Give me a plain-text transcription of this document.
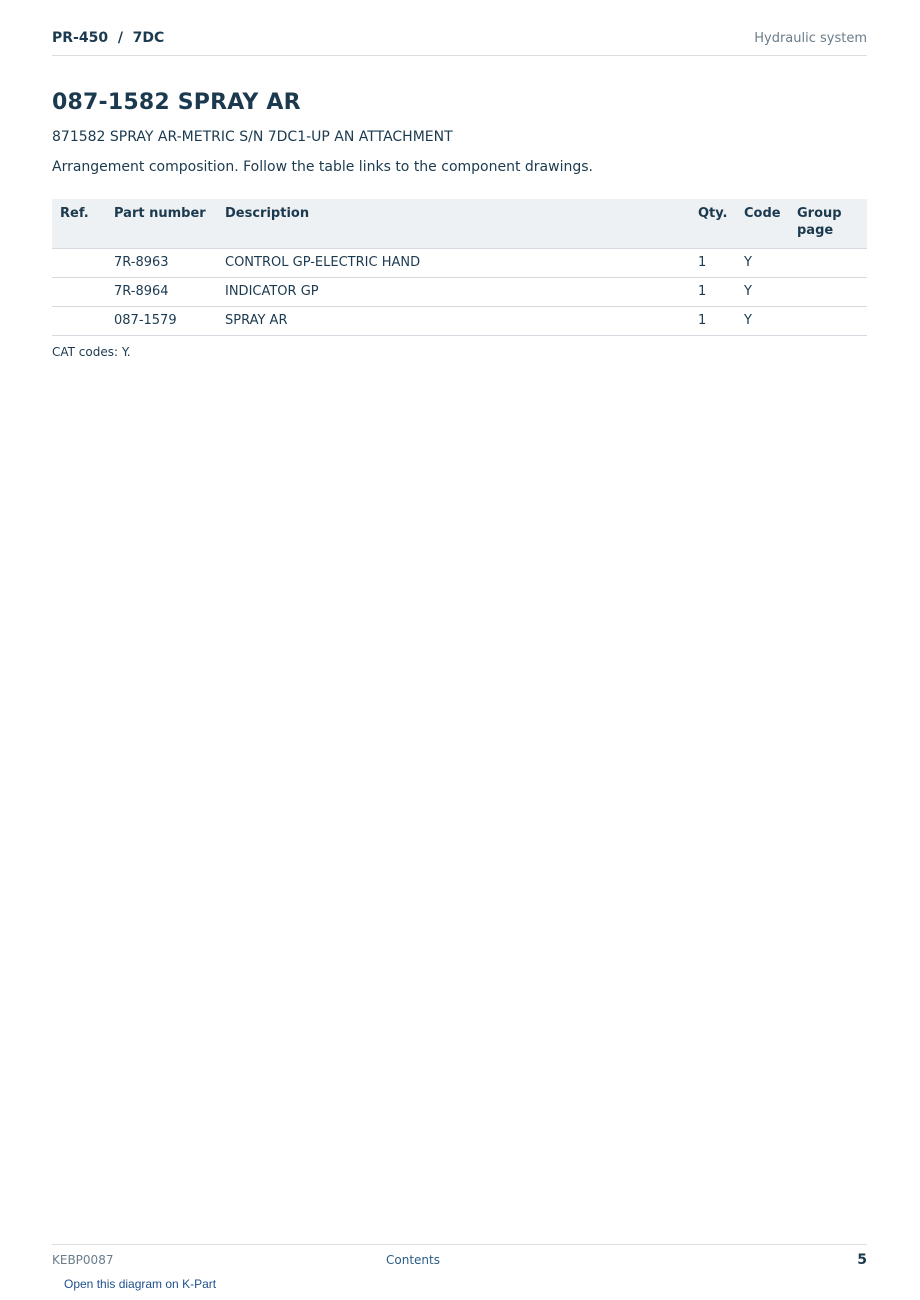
PR-450  /  7DC	Hydraulic system
087-1582 SPRAY AR
871582 SPRAY AR-METRIC S/N 7DC1-UP AN ATTACHMENT
Arrangement composition. Follow the table links to the component drawings.
Ref.	Part number	Description	Qty​.	Code	Group page
	7R-8963	CONTROL GP-ELECTRIC HAND	1	Y	
	7R-8964	INDICATOR GP	1	Y	
	087-1579	SPRAY AR	1	Y	
CAT codes: Y.
KEBP0087	Contents	5
Open this diagram on K-Part
